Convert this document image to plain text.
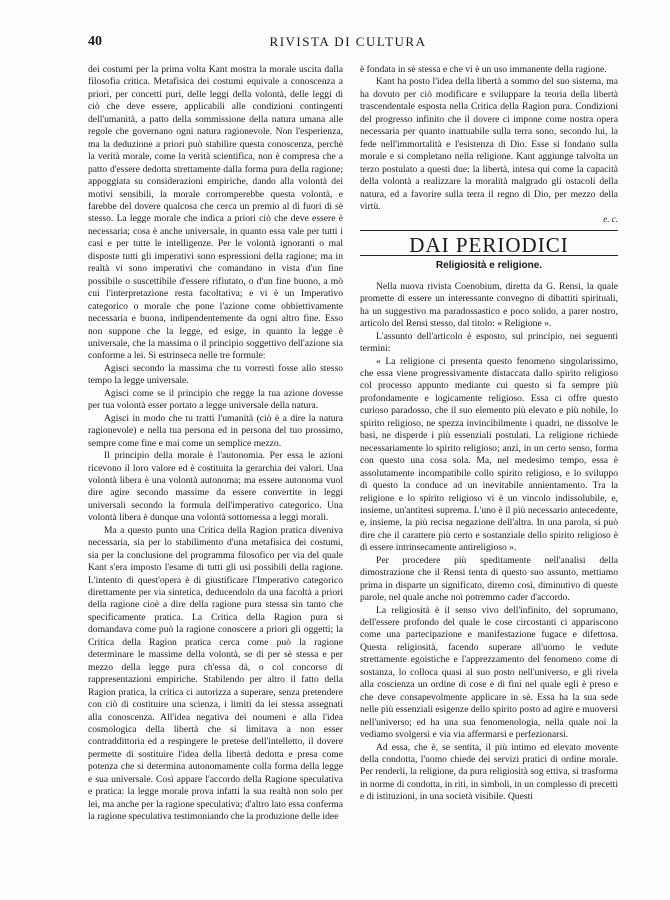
40	RIVISTA DI CULTURA

dei costumi per la prima volta Kant mostra la morale uscita dalla filosofia critica. Metafisica dei costumi equivale a conoscenza a priori, per concetti puri, delle leggi della volontà, delle leggi di ciò che deve essere, applicabili alle condizioni contingenti dell'umanità, a patto della sommissione della natura umana alle regole che governano ogni natura ragionevole. Non l'esperienza, ma la deduzione a priori può stabilire questa conoscenza, perchè la verità morale, come la verità scientifica, non è compresa che a patto d'essere dedotta strettamente dalla forma pura della ragione; appoggiata su considerazioni empiriche, dando alla volontà dei motivi sensibili, la morale corromperebbe questa volontà, e farebbe del dovere qualcosa che cerca un premio al di fuori di sè stesso. La legge morale che indica a priori ciò che deve essere è necessaria; cosa è anche universale, in quanto essa vale per tutti i casi e per tutte le intelligenze. Per le volontà ignoranti o mal disposte tutti gli imperativi sono espressioni della ragione; ma in realtà vi sono imperativi che comandano in vista d'un fine possibile o suscettibile d'essere rifiutato, o d'un fine buono, a mò cui l'interpretazione resta facoltativa; e vi è un Imperativo categorico o morale che pone l'azione come obbiettivamente necessaria e buona, indipendentemente da ogni altro fine. Esso non suppone che la legge, ed esige, in quanto la legge è universale, che la massima o il principio soggettivo dell'azione sia conforme a lei. Si estrinseca nelle tre formule:

Agisci secondo la massima che tu vorresti fosse allo stesso tempo la legge universale.

Agisci come se il principio che regge la tua azione dovesse per tua volontà esser portato a legge universale della natura.

Agisci in modo che tu tratti l'umanità (ciò è a dire la natura ragionevole) e nella tua persona ed in persona del tuo prossimo, sempre come fine e mai come un semplice mezzo.

Il principio della morale è l'autonomia. Per essa le azioni ricevono il loro valore ed è costituita la gerarchia dei valori. Una volontà libera è una volontà autonoma; ma essere autonoma vuol dire agire secondo massime da essere convertite in leggi universali secondo la formula dell'imperativo categorico. Una volontà libera è dunque una volontà sottomessa a leggi morali.

Ma a questo punto una Critica della Ragion pratica diveniva necessaria, sia per lo stabilimento d'una metafisica dei costumi, sia per la conclusione del programma filosofico per via del quale Kant s'era imposto l'esame di tutti gli usi possibili della ragione. L'intento di quest'opera è di giustificare l'Imperativo categorico direttamente per via sintetica, deducendolo da una facoltà a priori della ragione cioè a dire della ragione pura stessa sin tanto che specificamente pratica. La Critica della Ragion pura si domandava come può la ragione conoscere a priori gli oggetti; la Critica della Ragion pratica cerca come può la ragione determinare le massime della volontà, se di per sè stessa e per mezzo della legge pura ch'essa dà, o col concorso di rappresentazioni empiriche. Stabilendo per altro il fatto della Ragion pratica, la critica ci autorizza a superare, senza pretendere con ciò di costituire una scienza, i limiti da lei stessa assegnati alla conoscenza. All'idea negativa dei noumeni e alla l'idea cosmologica della libertà che si limitava a non esser contraddittoria ed a respingere le pretese dell'intelletto, il dovere permette di sostituire l'idea della libertà dedotta e presa come potenza che si determina autonomamente colla forma della legge e sua universale. Così appare l'accordo della Ragione speculativa e pratica: la legge morale prova infatti la sua realtà non solo per lei, ma anche per la ragione speculativa; d'altro lato essa conferma la ragione speculativa testimoniando che la produzione delle idee

è fondata in sè stessa e che vi è un uso immanente della ragione.

Kant ha posto l'idea della libertà a sommo del suo sistema, ma ha dovuto per ciò modificare e sviluppare la teoria della libertà trascendentale esposta nella Critica della Ragion pura. Condizioni del progresso infinito che il dovere ci impone come nostra opera necessaria per quanto inattuabile sulla terra sono, secondo lui, la fede nell'immortalità e l'esistenza di Dio. Esse si fondano sulla morale e si completano nella religione. Kant aggiunge talvolta un terzo postulato a questi due: la libertà, intesa qui come la capacità della volontà a realizzare la moralità malgrado gli ostacoli della natura, ed a favorire sulla terra il regno di Dio, per mezzo della virtù.

e. c.

DAI PERIODICI
Religiosità e religione.

Nella nuova rivista Coenobium, diretta da G. Rensi, la quale promette di essere un interessante convegno di dibattiti spirituali, ha un suggestivo ma paradossastico e poco solido, a parer nostro, articolo del Rensi stesso, dal titolo: « Religione ».

L'assunto dell'articolo è esposto, sul principio, nei seguenti termini:

« La religione ci presenta questo fenomeno singolarissimo, che essa viene progressivamente distaccata dallo spirito religioso col processo appunto mediante cui questo si fa sempre più profondamente e logicamente religioso. Essa ci offre questo curioso paradosso, che il suo elemento più elevato e più nobile, lo spirito religioso, ne spezza invincibilmente i quadri, ne dissolve le basi, ne disperde i più essenziali postulati. La religione richiede necessariamente lo spirito religioso; anzi, in un certo senso, forma con questo una cosa sola. Ma, nel medesimo tempo, essa è assolutamente incompatibile collo spirito religioso, e lo sviluppo di questo la conduce ad un inevitabile annientamento. Tra la religione e lo spirito religioso vi è un vincolo indissolubile, e, insieme, un'antitesi suprema. L'uno è il più necessario antecedente, e, insieme, la più recisa negazione dell'altra. In una parola, si può dire che il carattere più certo e sostanziale dello spirito religioso è di essere intrinsecamente antireligioso ».

Per procedere più speditamente nell'analisi della dimostrazione che il Rensi tenta di questo suo assunto, mettiamo prima in disparte un significato, diremo così, diminutivo di queste parole, nel quale anche noi potremmo cader d'accordo.

La religiosità è il senso vivo dell'infinito, del soprumano, dell'essere profondo del quale le cose circostanti ci appariscono come una partecipazione e manifestazione fugace e difettosa. Questa religiosità, facendo superare all'uomo le vedute strettamente egoistiche e l'apprezzamento del fenomeno come di sostanza, lo colloca quasi al suo posto nell'universo, e gli rivela alla coscienza un ordine di cose e di fini nel quale egli è preso e che deve consapevolmente applicare in sè. Essa ha la sua sede nelle più essenziali esigenze dello spirito posto ad agire e muoversi nell'universo; ed ha una sua fenomenologia, nella quale noi la vediamo svolgersi e via via affermarsi e perfezionarsi.

Ad essa, che è, se sentita, il più intimo ed elevato movente della condotta, l'uomo chiede dei servizi pratici di ordine morale. Per renderli, la religione, da pura religiosità sog ettiva, si trasforma in norme di condotta, in riti, in simboli, in un complesso di precetti e di istituzioni, in una società visibile. Questi
